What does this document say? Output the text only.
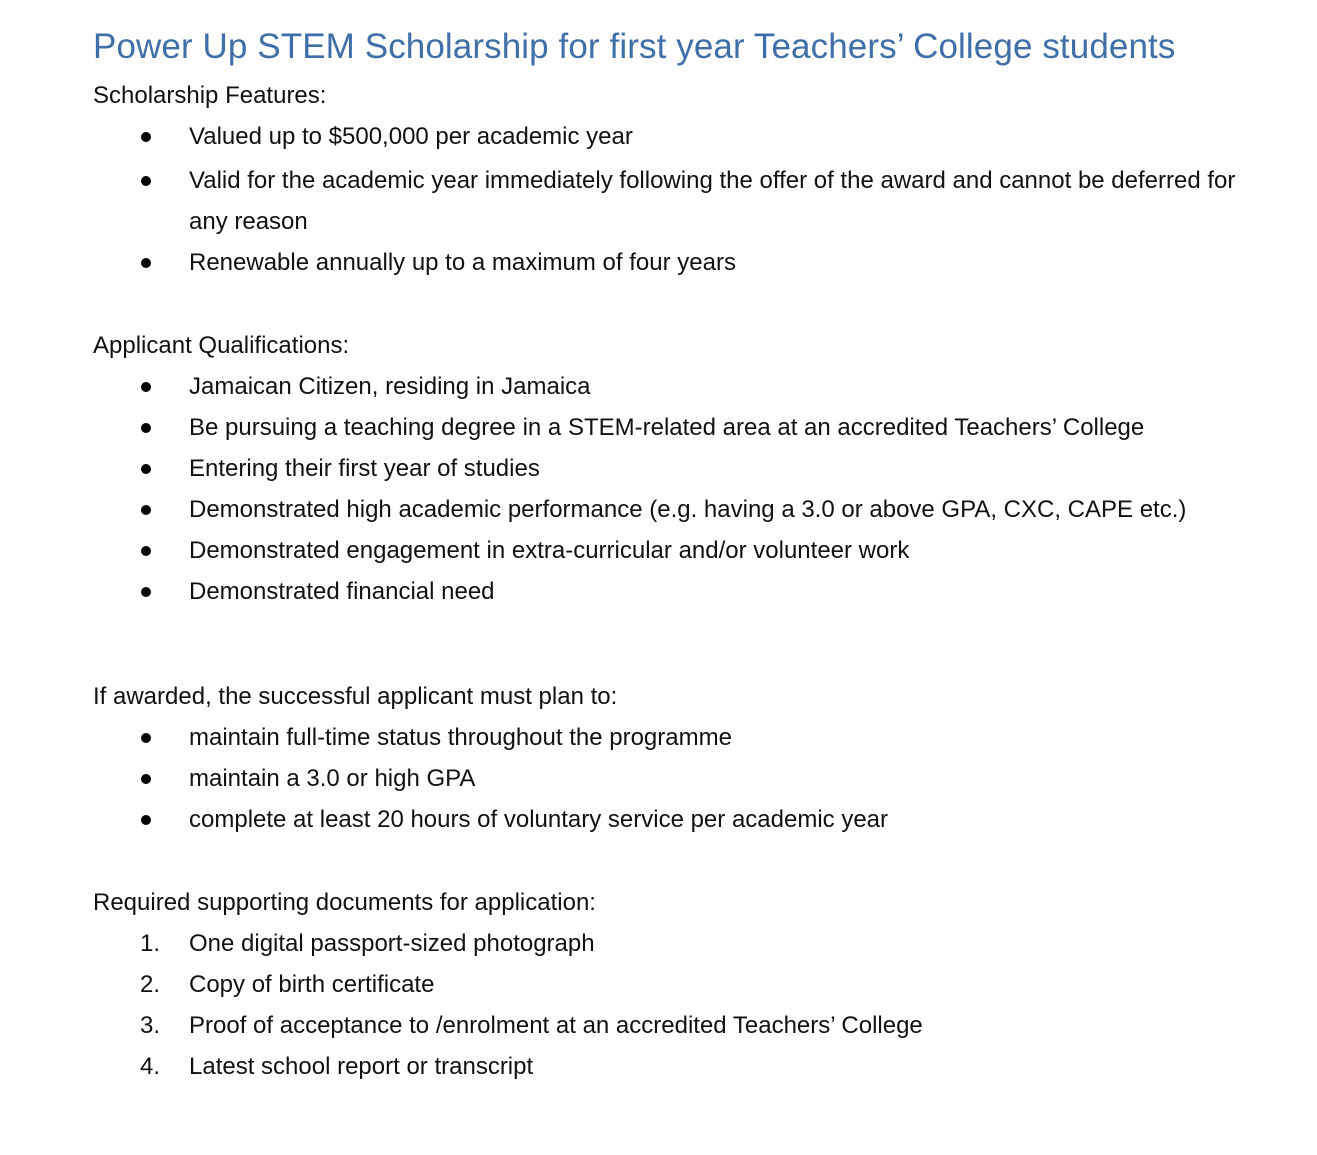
Power Up STEM Scholarship for first year Teachers’ College students

Scholarship Features:

Valued up to $500,000 per academic year
Valid for the academic year immediately following the offer of the award and cannot be deferred for any reason
Renewable annually up to a maximum of four years

Applicant Qualifications:

Jamaican Citizen, residing in Jamaica
Be pursuing a teaching degree in a STEM-related area at an accredited Teachers’ College
Entering their first year of studies
Demonstrated high academic performance (e.g. having a 3.0 or above GPA, CXC, CAPE etc.)
Demonstrated engagement in extra-curricular and/or volunteer work
Demonstrated financial need

If awarded, the successful applicant must plan to:

maintain full-time status throughout the programme
maintain a 3.0 or high GPA
complete at least 20 hours of voluntary service per academic year

Required supporting documents for application:

1.	One digital passport-sized photograph
2.	Copy of birth certificate
3.	Proof of acceptance to /enrolment at an accredited Teachers’ College
4.	Latest school report or transcript
